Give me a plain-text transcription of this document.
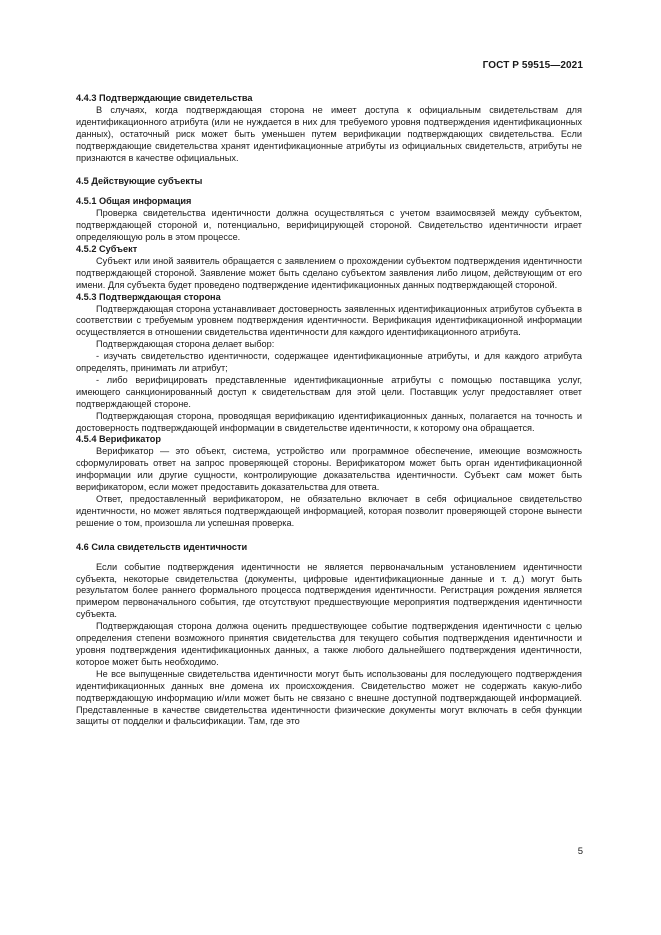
ГОСТ Р 59515—2021
4.4.3 Подтверждающие свидетельства

В случаях, когда подтверждающая сторона не имеет доступа к официальным свидетельствам для идентификационного атрибута (или не нуждается в них для требуемого уровня подтверждения идентификационных данных), остаточный риск может быть уменьшен путем верификации подтверждающих свидетельства. Если подтверждающие свидетельства хранят идентификационные атрибуты из официальных свидетельств, атрибуты не признаются в качестве официальных.

4.5 Действующие субъекты
4.5.1 Общая информация

Проверка свидетельства идентичности должна осуществляться с учетом взаимосвязей между субъектом, подтверждающей стороной и, потенциально, верифицирующей стороной. Свидетельство идентичности играет определяющую роль в этом процессе.

4.5.2 Субъект

Субъект или иной заявитель обращается с заявлением о прохождении субъектом подтверждения идентичности подтверждающей стороной. Заявление может быть сделано субъектом заявления либо лицом, действующим от его имени. Для субъекта будет проведено подтверждение идентификационных данных подтверждающей стороной.

4.5.3 Подтверждающая сторона

Подтверждающая сторона устанавливает достоверность заявленных идентификационных атрибутов субъекта в соответствии с требуемым уровнем подтверждения идентичности. Верификация идентификационной информации осуществляется в отношении свидетельства идентичности для каждого идентификационного атрибута.

Подтверждающая сторона делает выбор:

- изучать свидетельство идентичности, содержащее идентификационные атрибуты, и для каждого атрибута определять, принимать ли атрибут;

- либо верифицировать представленные идентификационные атрибуты с помощью поставщика услуг, имеющего санкционированный доступ к свидетельствам для этой цели. Поставщик услуг предоставляет ответ подтверждающей стороне.

Подтверждающая сторона, проводящая верификацию идентификационных данных, полагается на точность и достоверность подтверждающей информации в свидетельстве идентичности, к которому она обращается.

4.5.4 Верификатор

Верификатор — это объект, система, устройство или программное обеспечение, имеющие возможность сформулировать ответ на запрос проверяющей стороны. Верификатором может быть орган идентификационной информации или другие сущности, контролирующие доказательства идентичности. Субъект сам может быть верификатором, если может предоставить доказательства для ответа.

Ответ, предоставленный верификатором, не обязательно включает в себя официальное свидетельство идентичности, но может являться подтверждающей информацией, которая позволит проверяющей стороне вынести решение о том, произошла ли успешная проверка.

4.6 Сила свидетельств идентичности

Если событие подтверждения идентичности не является первоначальным установлением идентичности субъекта, некоторые свидетельства (документы, цифровые идентификационные данные и т. д.) могут быть результатом более раннего формального процесса подтверждения идентичности. Регистрация рождения является примером первоначального события, где отсутствуют предшествующие мероприятия подтверждения идентичности субъекта.

Подтверждающая сторона должна оценить предшествующее событие подтверждения идентичности с целью определения степени возможного принятия свидетельства для текущего события подтверждения идентичности и уровня подтверждения идентификационных данных, а также любого дальнейшего подтверждения идентичности, которое может быть необходимо.

Не все выпущенные свидетельства идентичности могут быть использованы для последующего подтверждения идентификационных данных вне домена их происхождения. Свидетельство может не содержать какую-либо подтверждающую информацию и/или может быть не связано с внешне доступной подтверждающей информацией. Представленные в качестве свидетельства идентичности физические документы могут включать в себя функции защиты от подделки и фальсификации. Там, где это

5
